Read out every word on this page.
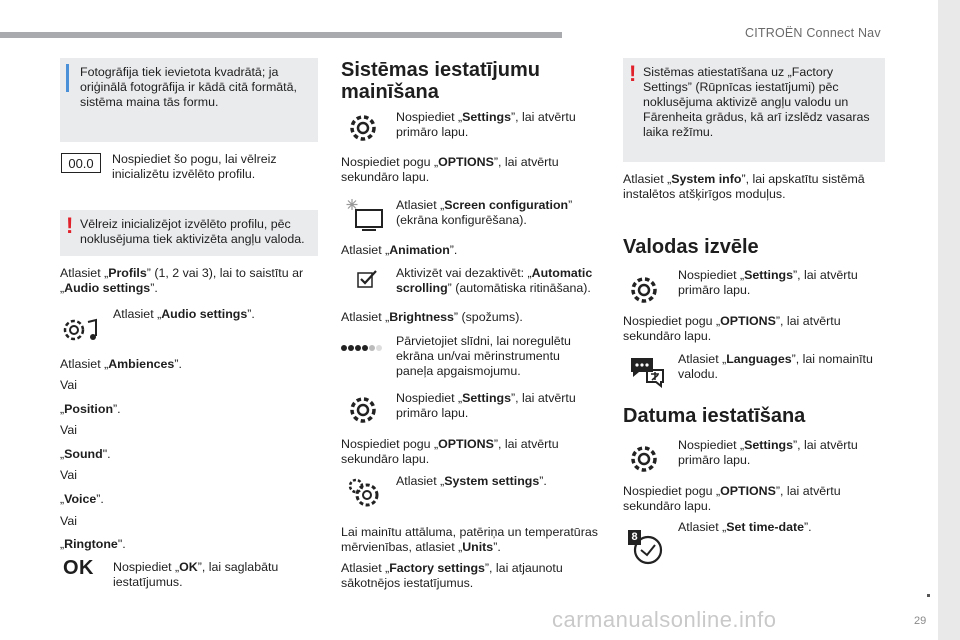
CITROËN Connect Nav
29
carmanualsonline.info
Fotogrāfija tiek ievietota kvadrātā; ja oriģinālā fotogrāfija ir kādā citā formātā, sistēma maina tās formu.
00.0 Nospiediet šo pogu, lai vēlreiz inicializētu izvēlēto profilu.
! Vēlreiz inicializējot izvēlēto profilu, pēc noklusējuma tiek aktivizēta angļu valoda.
Atlasiet „Profils” (1, 2 vai 3), lai to saistītu ar „Audio settings”.
Atlasiet „Audio settings”.
Atlasiet „Ambiences”.
Vai
„Position”.
Vai
„Sound".
Vai
„Voice”.
Vai
„Ringtone".
OK Nospiediet „OK”, lai saglabātu iestatījumus.
Sistēmas iestatījumu mainīšana
Nospiediet „Settings”, lai atvērtu primāro lapu.
Nospiediet pogu „OPTIONS”, lai atvērtu sekundāro lapu.
Atlasiet „Screen configuration” (ekrāna konfigurēšana).
Atlasiet „Animation”.
Aktivizēt vai dezaktivēt: „Automatic scrolling” (automātiska ritināšana).
Atlasiet „Brightness” (spožums).
Pārvietojiet slīdni, lai noregulētu ekrāna un/vai mērinstrumentu paneļa apgaismojumu.
Nospiediet „Settings”, lai atvērtu primāro lapu.
Nospiediet pogu „OPTIONS”, lai atvērtu sekundāro lapu.
Atlasiet „System settings”.
Lai mainītu attāluma, patēriņa un temperatūras mērvienības, atlasiet „Units”.
Atlasiet „Factory settings”, lai atjaunotu sākotnējos iestatījumus.
! Sistēmas atiestatīšana uz „Factory Settings” (Rūpnīcas iestatījumi) pēc noklusējuma aktivizē angļu valodu un Fārenheita grādus, kā arī izslēdz vasaras laika režīmu.
Atlasiet „System info”, lai apskatītu sistēmā instalētos atšķirīgos moduļus.
Valodas izvēle
Nospiediet „Settings”, lai atvērtu primāro lapu.
Nospiediet pogu „OPTIONS”, lai atvērtu sekundāro lapu.
Atlasiet „Languages”, lai nomainītu valodu.
Datuma iestatīšana
Nospiediet „Settings”, lai atvērtu primāro lapu.
Nospiediet pogu „OPTIONS”, lai atvērtu sekundāro lapu.
8
Atlasiet „Set time-date”.
